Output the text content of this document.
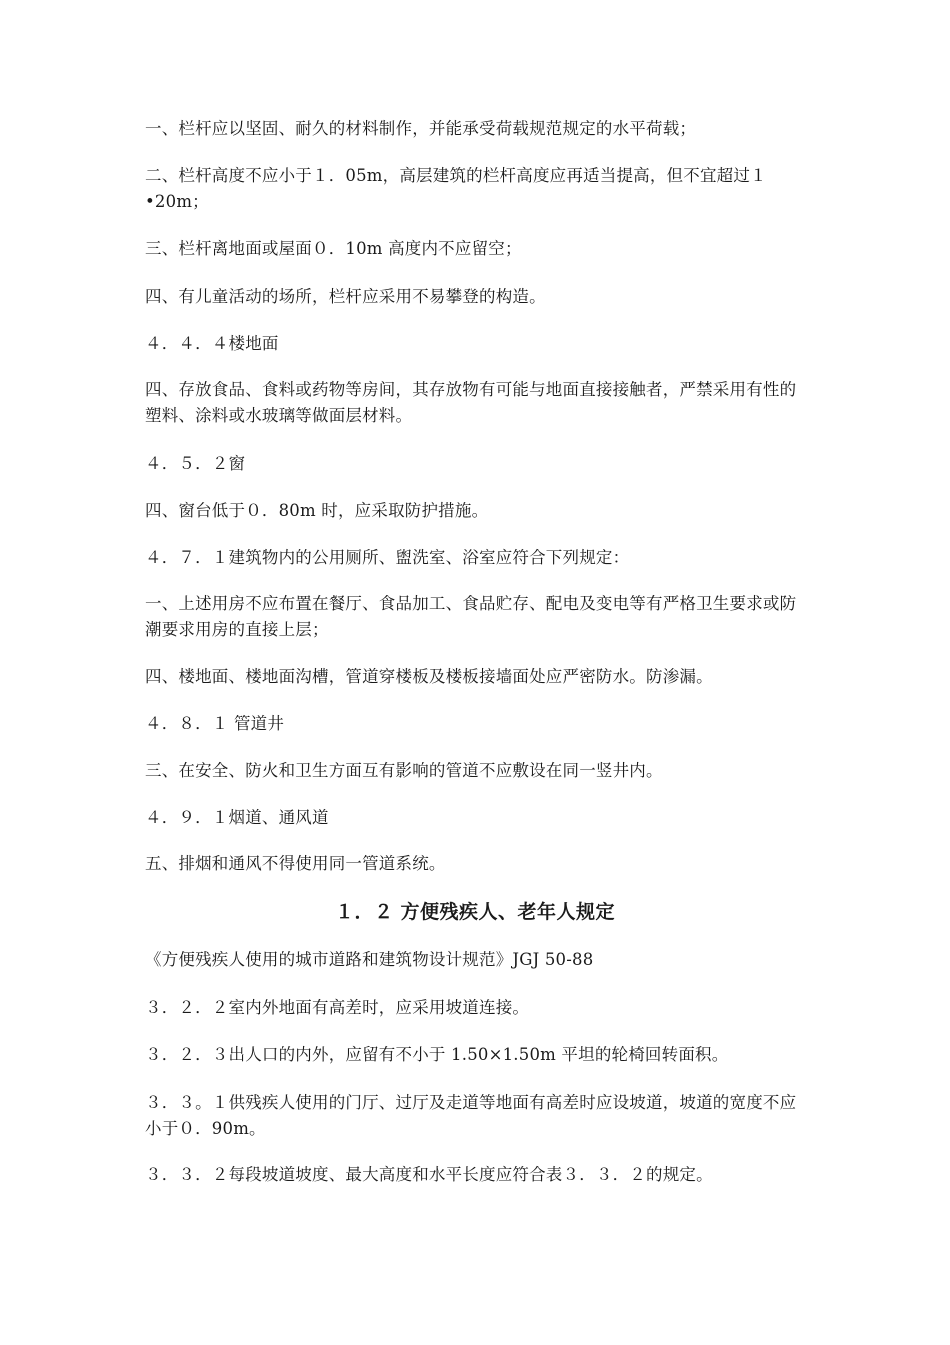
一、栏杆应以坚固、耐久的材料制作，并能承受荷载规范规定的水平荷载；

二、栏杆高度不应小于１．05m，高层建筑的栏杆高度应再适当提高，但不宜超过１•20m；

三、栏杆离地面或屋面０．10m 高度内不应留空；

四、有儿童活动的场所，栏杆应采用不易攀登的构造。

４．４．４楼地面

四、存放食品、食料或药物等房间，其存放物有可能与地面直接接触者，严禁采用有性的塑料、涂料或水玻璃等做面层材料。

４．５．２窗

四、窗台低于０．80m 时，应采取防护措施。

４．７．１建筑物内的公用厕所、盥洗室、浴室应符合下列规定：

一、上述用房不应布置在餐厅、食品加工、食品贮存、配电及变电等有严格卫生要求或防潮要求用房的直接上层；

四、楼地面、楼地面沟槽，管道穿楼板及楼板接墙面处应严密防水。防渗漏。

４．８．１ 管道井

三、在安全、防火和卫生方面互有影响的管道不应敷设在同一竖井内。

４．９．１烟道、通风道

五、排烟和通风不得使用同一管道系统。

１．２ 方便残疾人、老年人规定

《方便残疾人使用的城市道路和建筑物设计规范》JGJ 50-88

３．２．２室内外地面有高差时，应采用坡道连接。

３．２．３出人口的内外，应留有不小于 1.50×1.50m 平坦的轮椅回转面积。

３．３。１供残疾人使用的门厅、过厅及走道等地面有高差时应设坡道，坡道的宽度不应小于０．90m。

３．３．２每段坡道坡度、最大高度和水平长度应符合表３．３．２的规定。
